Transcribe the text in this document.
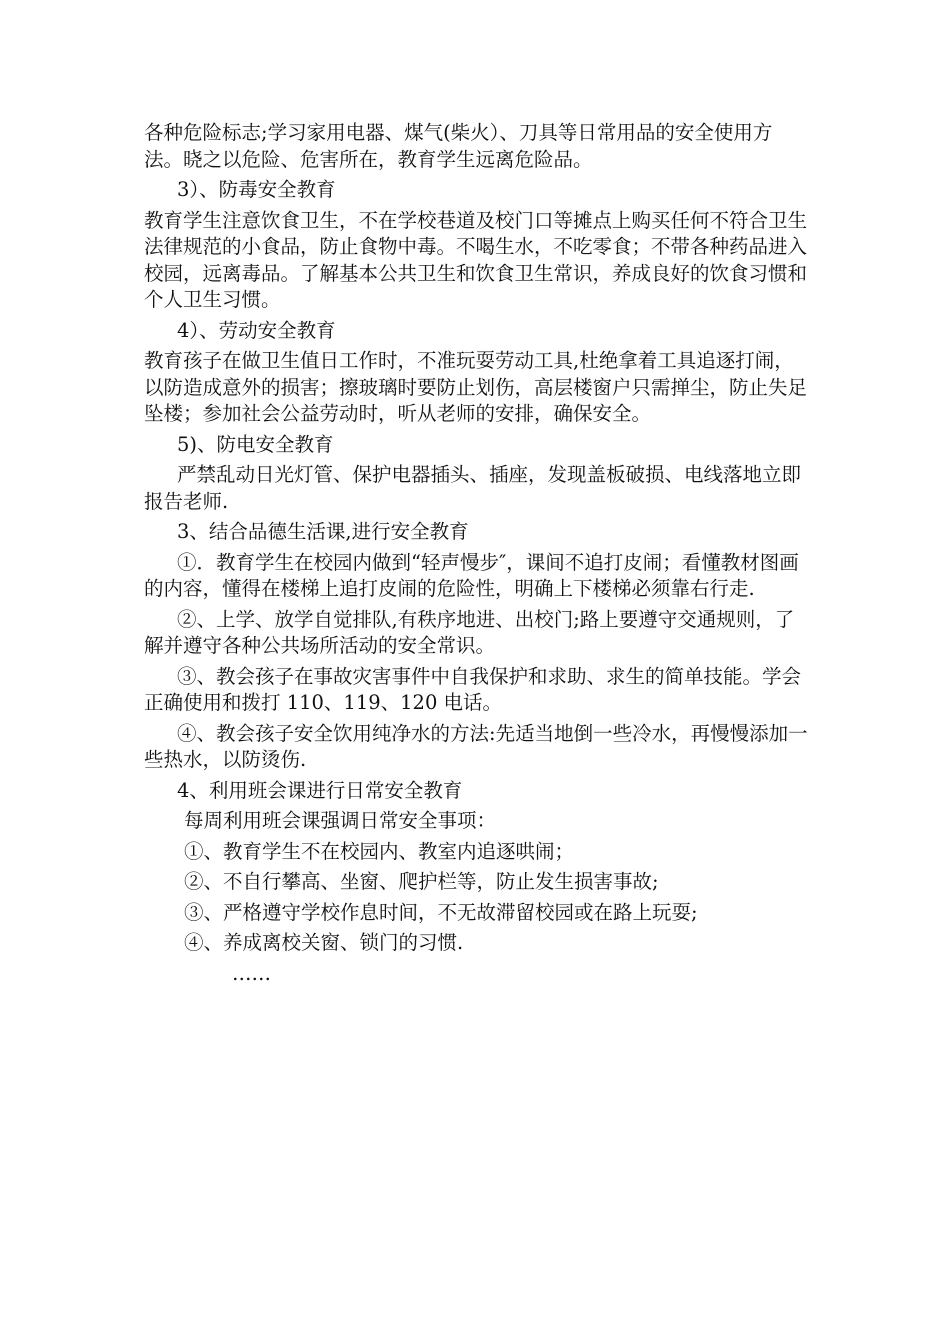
各种危险标志;学习家用电器、煤气(柴火）、刀具等日常用品的安全使用方法。晓之以危险、危害所在，教育学生远离危险品。

3）、防毒安全教育

教育学生注意饮食卫生，不在学校巷道及校门口等摊点上购买任何不符合卫生法律规范的小食品，防止食物中毒。不喝生水，不吃零食；不带各种药品进入校园，远离毒品。了解基本公共卫生和饮食卫生常识，养成良好的饮食习惯和个人卫生习惯。

4）、劳动安全教育

教育孩子在做卫生值日工作时，不准玩耍劳动工具,杜绝拿着工具追逐打闹，以防造成意外的损害；擦玻璃时要防止划伤，高层楼窗户只需掸尘，防止失足坠楼；参加社会公益劳动时，听从老师的安排，确保安全。

5)、防电安全教育

严禁乱动日光灯管、保护电器插头、插座，发现盖板破损、电线落地立即报告老师.

3、结合品德生活课,进行安全教育

①．教育学生在校园内做到“轻声慢步″，课间不追打皮闹；看懂教材图画的内容，懂得在楼梯上追打皮闹的危险性，明确上下楼梯必须靠右行走.

②、上学、放学自觉排队,有秩序地进、出校门;路上要遵守交通规则，了解并遵守各种公共场所活动的安全常识。

③、教会孩子在事故灾害事件中自我保护和求助、求生的简单技能。学会正确使用和拨打 110、119、120 电话。

④、教会孩子安全饮用纯净水的方法:先适当地倒一些冷水，再慢慢添加一些热水，以防烫伤.

4、利用班会课进行日常安全教育

每周利用班会课强调日常安全事项：

①、教育学生不在校园内、教室内追逐哄闹；

②、不自行攀高、坐窗、爬护栏等，防止发生损害事故;

③、严格遵守学校作息时间，不无故滞留校园或在路上玩耍;

④、养成离校关窗、锁门的习惯.

……
